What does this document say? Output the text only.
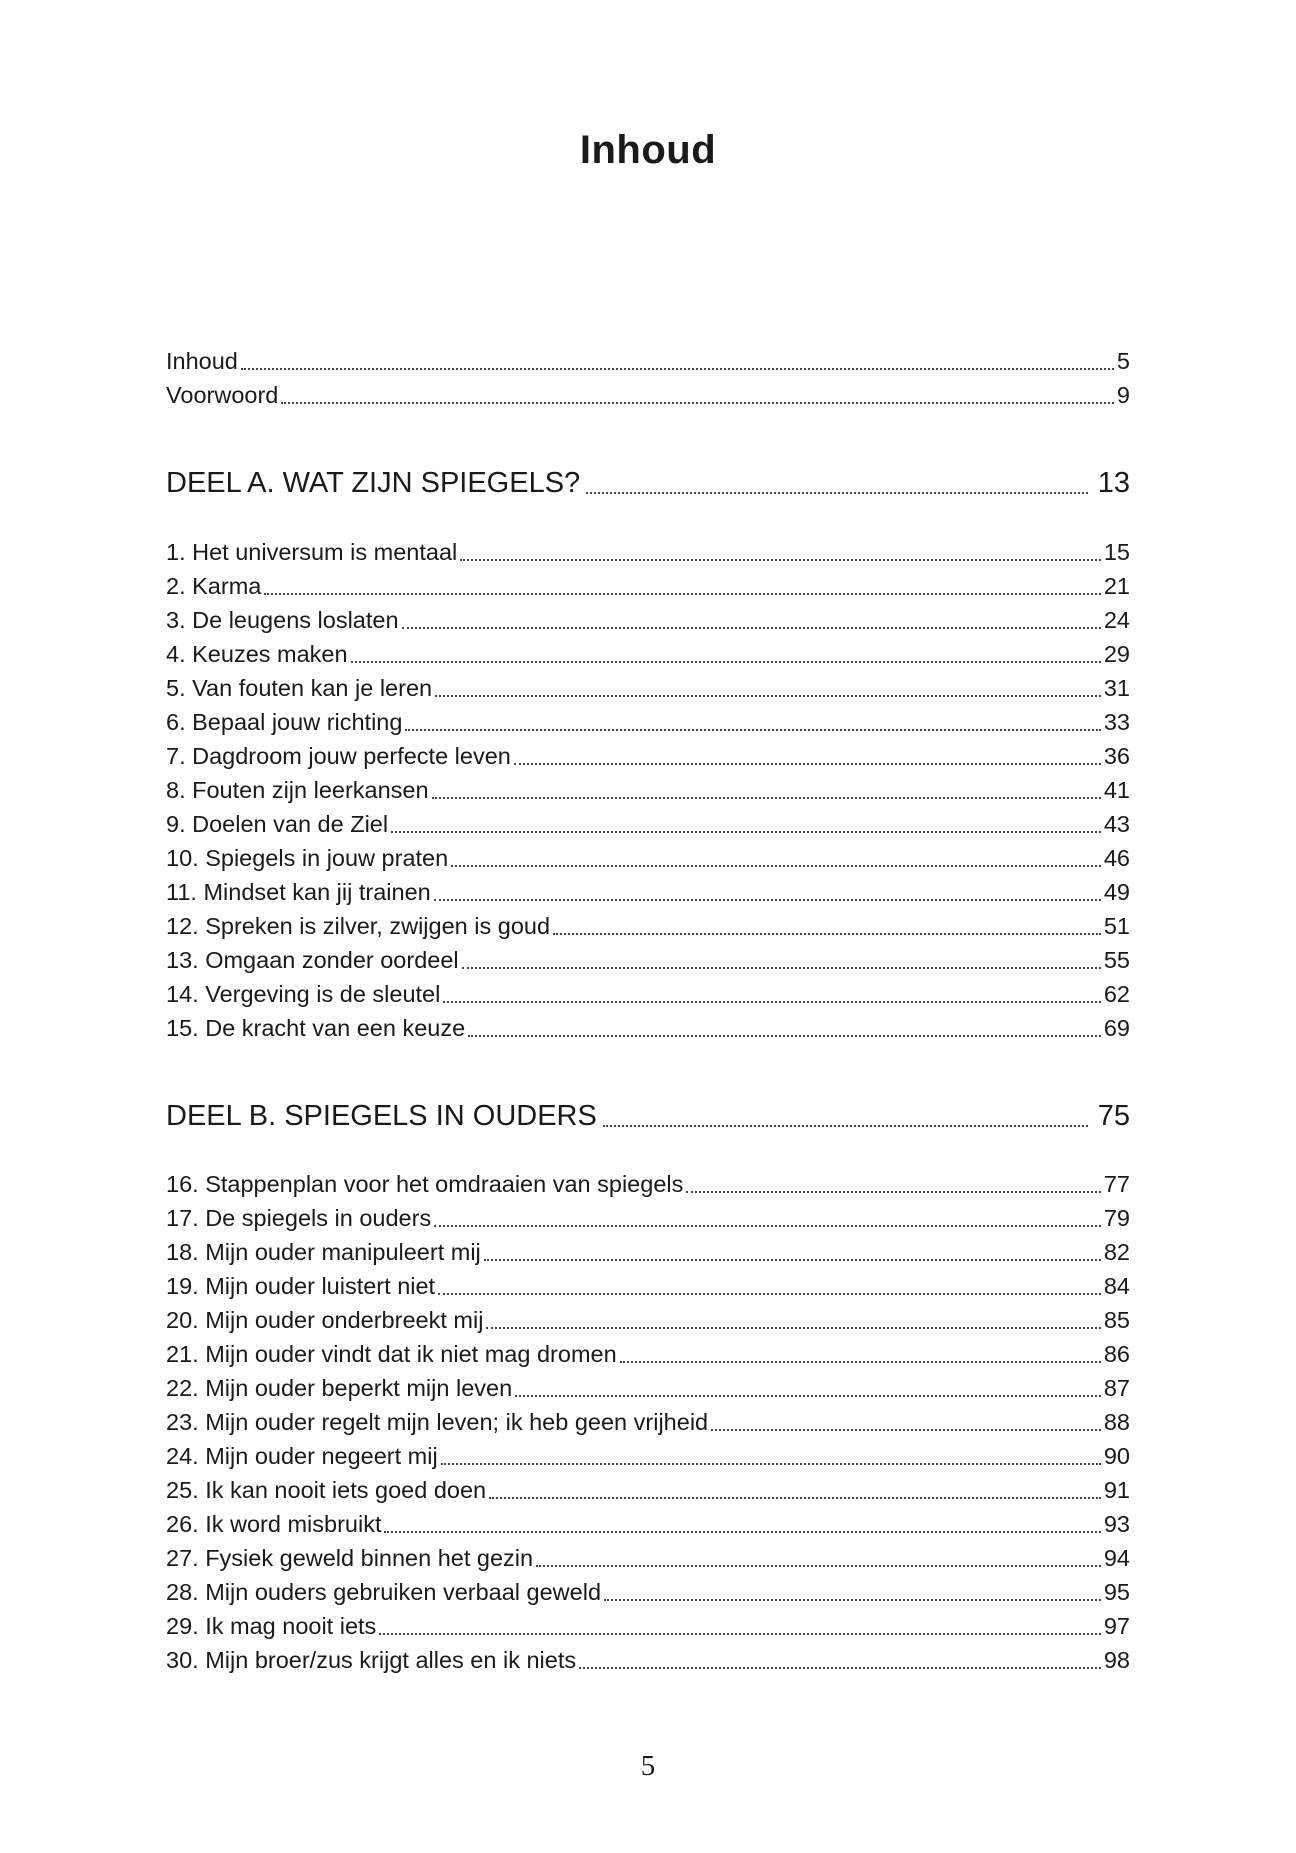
Inhoud
Inhoud	5
Voorwoord	9
DEEL A. WAT ZIJN SPIEGELS?	13
1. Het universum is mentaal	15
2. Karma	21
3. De leugens loslaten	24
4. Keuzes maken	29
5. Van fouten kan je leren	31
6. Bepaal jouw richting	33
7. Dagdroom jouw perfecte leven	36
8. Fouten zijn leerkansen	41
9. Doelen van de Ziel	43
10. Spiegels in jouw praten	46
11. Mindset kan jij trainen	49
12. Spreken is zilver, zwijgen is goud	51
13. Omgaan zonder oordeel	55
14. Vergeving is de sleutel	62
15. De kracht van een keuze	69
DEEL B. SPIEGELS IN OUDERS	75
16. Stappenplan voor het omdraaien van spiegels	77
17. De spiegels in ouders	79
18. Mijn ouder manipuleert mij	82
19. Mijn ouder luistert niet	84
20. Mijn ouder onderbreekt mij	85
21. Mijn ouder vindt dat ik niet mag dromen	86
22. Mijn ouder beperkt mijn leven	87
23. Mijn ouder regelt mijn leven; ik heb geen vrijheid	88
24. Mijn ouder negeert mij	90
25. Ik kan nooit iets goed doen	91
26. Ik word misbruikt	93
27. Fysiek geweld binnen het gezin	94
28. Mijn ouders gebruiken verbaal geweld	95
29. Ik mag nooit iets	97
30. Mijn broer/zus krijgt alles en ik niets	98
5
